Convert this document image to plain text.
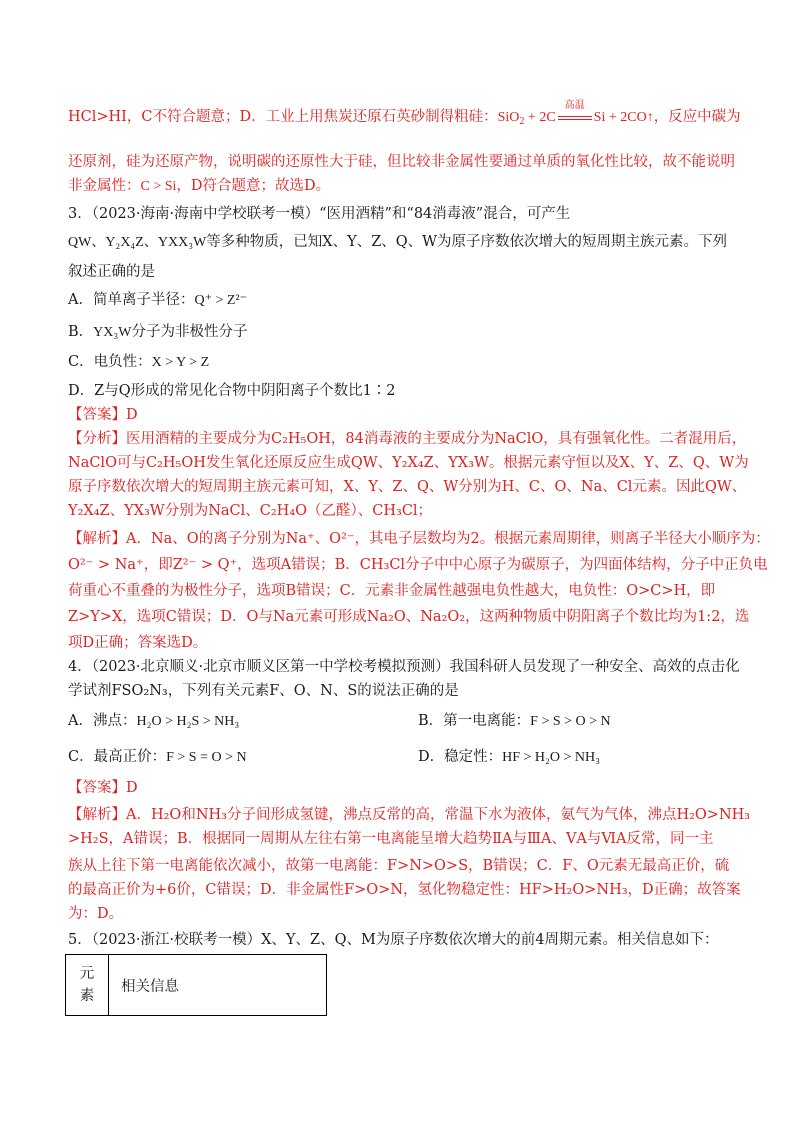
HCl>HI，C不符合题意；D．工业上用焦炭还原石英砂制得粗硅：SiO$_2$ + 2C
高温
Si + 2CO↑，反应中碳为
还原剂，硅为还原产物，说明碳的还原性大于硅，但比较非金属性要通过单质的氧化性比较，故不能说明
非金属性：C > Si，D符合题意；故选D。
3．（2023·海南·海南中学校联考一模）“医用酒精”和“84消毒液”混合，可产生
QW、Y₂X₄Z、YXX₃W等多种物质，已知X、Y、Z、Q、W为原子序数依次增大的短周期主族元素。下列
叙述正确的是
A．简单离子半径：Q⁺ > Z²⁻
B．YX₃W分子为非极性分子
C．电负性：X > Y > Z
D．Z与Q形成的常见化合物中阴阳离子个数比1∶2
【答案】D
【分析】医用酒精的主要成分为C₂H₅OH，84消毒液的主要成分为NaClO，具有强氧化性。二者混用后，
NaClO可与C₂H₅OH发生氧化还原反应生成QW、Y₂X₄Z、YX₃W。根据元素守恒以及X、Y、Z、Q、W为
原子序数依次增大的短周期主族元素可知，X、Y、Z、Q、W分别为H、C、O、Na、Cl元素。因此QW、
Y₂X₄Z、YX₃W分别为NaCl、C₂H₄O（乙醛）、CH₃Cl；
【解析】A．Na、O的离子分别为Na⁺、O²⁻，其电子层数均为2。根据元素周期律，则离子半径大小顺序为：
O²⁻ > Na⁺，即Z²⁻ > Q⁺，选项A错误；B．CH₃Cl分子中中心原子为碳原子，为四面体结构，分子中正负电
荷重心不重叠的为极性分子，选项B错误；C．元素非金属性越强电负性越大，电负性：O>C>H，即
Z>Y>X，选项C错误；D．O与Na元素可形成Na₂O、Na₂O₂，这两种物质中阴阳离子个数比均为1:2，选
项D正确；答案选D。
4．（2023·北京顺义·北京市顺义区第一中学校考模拟预测）我国科研人员发现了一种安全、高效的点击化
学试剂FSO₂N₃，下列有关元素F、O、N、S的说法正确的是
A．沸点：H₂O > H₂S > NH₃	B．第一电离能：F > S > O > N
C．最高正价：F > S = O > N	D．稳定性：HF > H₂O > NH₃
【答案】D
【解析】A．H₂O和NH₃分子间形成氢键，沸点反常的高，常温下水为液体，氨气为气体，沸点H₂O>NH₃
>H₂S，A错误；B．根据同一周期从左往右第一电离能呈增大趋势ⅡA与ⅢA、ⅤA与ⅥA反常，同一主
族从上往下第一电离能依次减小，故第一电离能：F>N>O>S，B错误；C．F、O元素无最高正价，硫
的最高正价为+6价，C错误；D．非金属性F>O>N，氢化物稳定性：HF>H₂O>NH₃，D正确；故答案
为：D。
5．（2023·浙江·校联考一模）X、Y、Z、Q、M为原子序数依次增大的前4周期元素。相关信息如下：
元
素	相关信息
